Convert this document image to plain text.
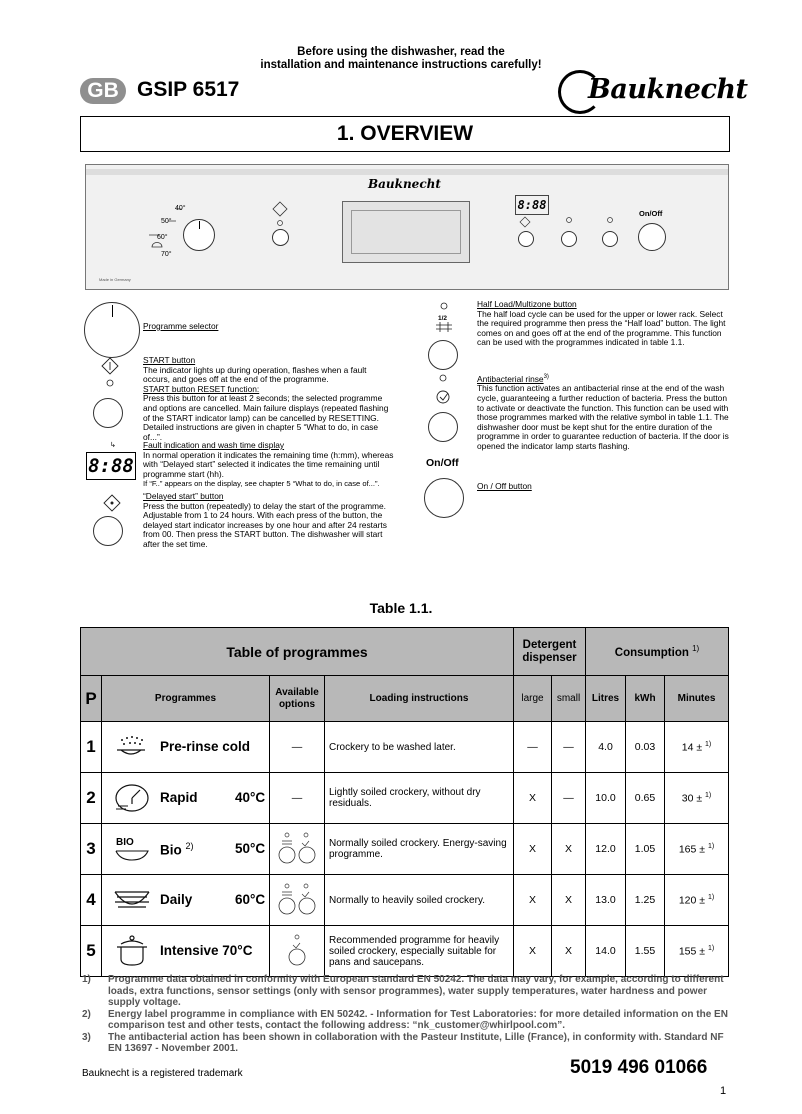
Before using the dishwasher, read the
installation and maintenance instructions carefully!
GB GSIP 6517	Bauknecht
1. OVERVIEW
Bauknecht
40°
50°
60°
70°
8:88
On/Off
Made in Germany
Programme selector
START button
The indicator lights up during operation, flashes when a fault occurs, and goes off at the end of the programme.
START button RESET function:
Press this button for at least 2 seconds; the selected programme and options are cancelled. Main failure displays (repeated flashing of the START indicator lamp) can be cancelled by RESETTING. Detailed instructions are given in chapter 5 “What to do, in case of...”.
↳
8:88
Fault indication and wash time display
In normal operation it indicates the remaining time (h:mm), whereas with “Delayed start” selected it indicates the time remaining until programme start (hh).
If “F..” appears on the display, see chapter 5 “What to do, in case of...”.
“Delayed start” button
Press the button (repeatedly) to delay the start of the programme. Adjustable from 1 to 24 hours. With each press of the button, the delayed start indicator increases by one hour and after 24 restarts from 00. Then press the START button. The dishwasher will start after the set time.
1/2
Half Load/Multizone button
The half load cycle can be used for the upper or lower rack. Select the required programme then press the “Half load” button. The light comes on and goes off at the end of the programme. This function can be used with the programmes indicated in table 1.1.
Antibacterial rinse$^{3)}$
This function activates an antibacterial rinse at the end of the wash cycle, guaranteeing a further reduction of bacteria. Press the button to activate or deactivate the function. This function can be used with those programmes marked with the relative symbol in table 1.1. The dishwasher door must be kept shut for the entire duration of the programme in order to guarantee reduction of bacteria. If the door is opened the indicator lamp starts flashing.
On/Off
On / Off button
Table 1.1.
Table of programmes				Detergent dispenser		Consumption $^{1)}$
P	Programmes	Available options	Loading instructions	large	small	Litres	kWh	Minutes
1	Pre-rinse cold	—	Crockery to be washed later.	—	—	4.0	0.03	14 ± $^{1)}$
2	Rapid 40°C	—	Lightly soiled crockery, without dry residuals.	X	—	10.0	0.65	30 ± $^{1)}$
3	BIO Bio $^{2)}$ 50°C		Normally soiled crockery. Energy-saving programme.	X	X	12.0	1.05	165 ± $^{1)}$
4	Daily 60°C		Normally to heavily soiled crockery.	X	X	13.0	1.25	120 ± $^{1)}$
5	Intensive 70°C		Recommended programme for heavily soiled crockery, especially suitable for pans and saucepans.	X	X	14.0	1.55	155 ± $^{1)}$
1) Programme data obtained in conformity with European standard EN 50242. The data may vary, for example, according to different loads, extra functions, sensor settings (only with sensor programmes), water supply temperatures, water hardness and power supply voltage.
2) Energy label programme in compliance with EN 50242. - Information for Test Laboratories: for more detailed information on the EN comparison test and other tests, contact the following address: “nk_customer@whirlpool.com”.
3) The antibacterial action has been shown in collaboration with the Pasteur Institute, Lille (France), in conformity with. Standard NF EN 13697 - November 2001.
Bauknecht is a registered trademark	5019 496 01066
1
